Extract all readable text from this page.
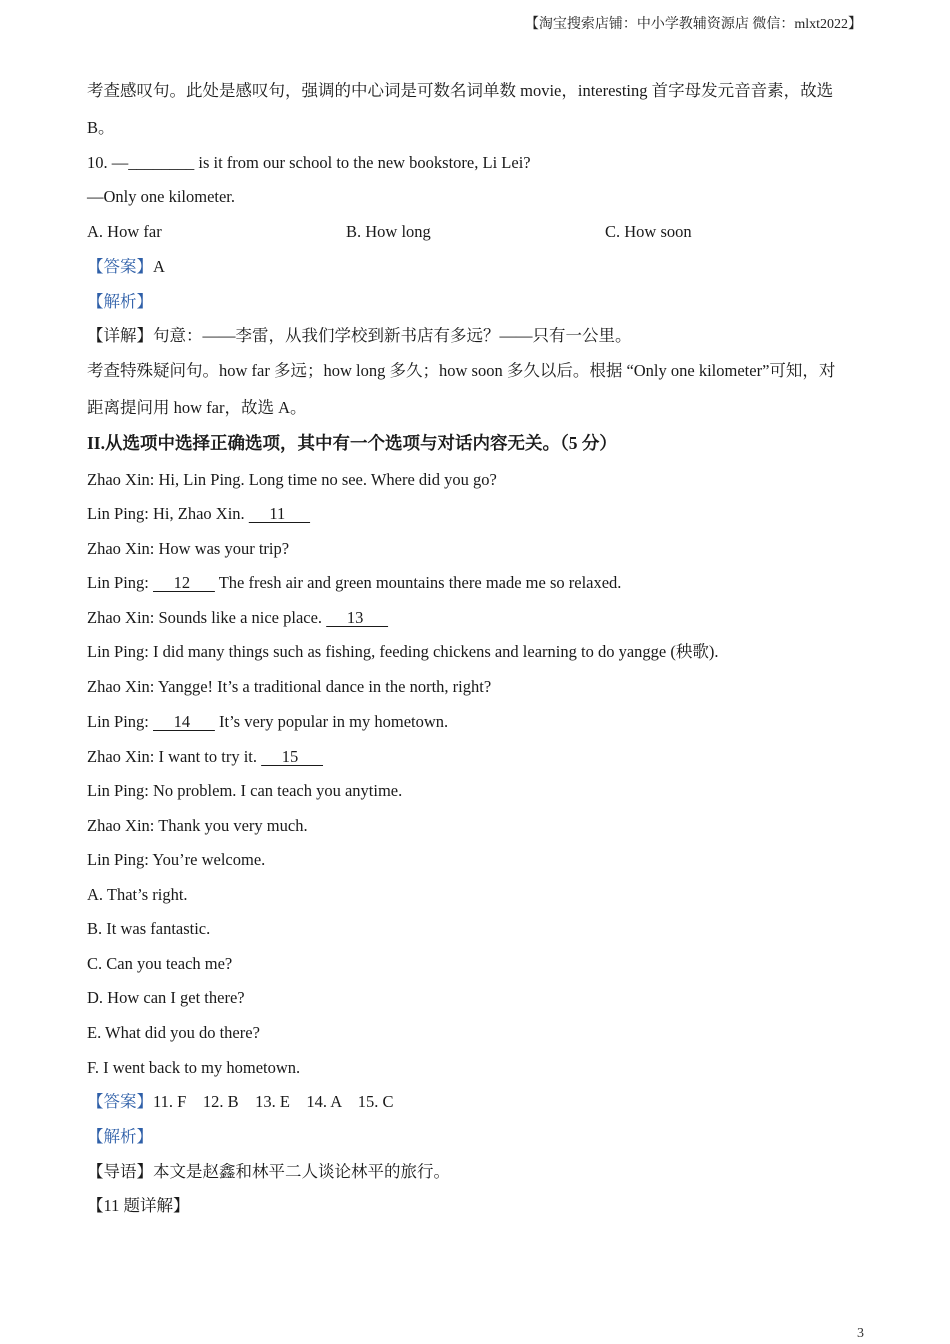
【淘宝搜索店铺：中小学教辅资源店 微信：mlxt2022】
考查感叹句。此处是感叹句，强调的中心词是可数名词单数 movie，interesting 首字母发元音音素，故选
B。
10. —________ is it from our school to the new bookstore, Li Lei?
—Only one kilometer.
A. How far	B. How long	C. How soon
【答案】A
【解析】
【详解】句意：——李雷，从我们学校到新书店有多远？——只有一公里。
考查特殊疑问句。how far 多远；how long 多久；how soon 多久以后。根据 “Only one kilometer”可知，对
距离提问用 how far，故选 A。
II.从选项中选择正确选项，其中有一个选项与对话内容无关。（5 分）
Zhao Xin: Hi, Lin Ping. Long time no see. Where did you go?
Lin Ping: Hi, Zhao Xin.      11
Zhao Xin: How was your trip?
Lin Ping:      12       The fresh air and green mountains there made me so relaxed.
Zhao Xin: Sounds like a nice place.      13
Lin Ping: I did many things such as fishing, feeding chickens and learning to do yangge (秧歌).
Zhao Xin: Yangge! It’s a traditional dance in the north, right?
Lin Ping:      14       It’s very popular in my hometown.
Zhao Xin: I want to try it.      15
Lin Ping: No problem. I can teach you anytime.
Zhao Xin: Thank you very much.
Lin Ping: You’re welcome.
A. That’s right.
B. It was fantastic.
C. Can you teach me?
D. How can I get there?
E. What did you do there?
F. I went back to my hometown.
【答案】11. F    12. B    13. E    14. A    15. C
【解析】
【导语】本文是赵鑫和林平二人谈论林平的旅行。
【11 题详解】
3
